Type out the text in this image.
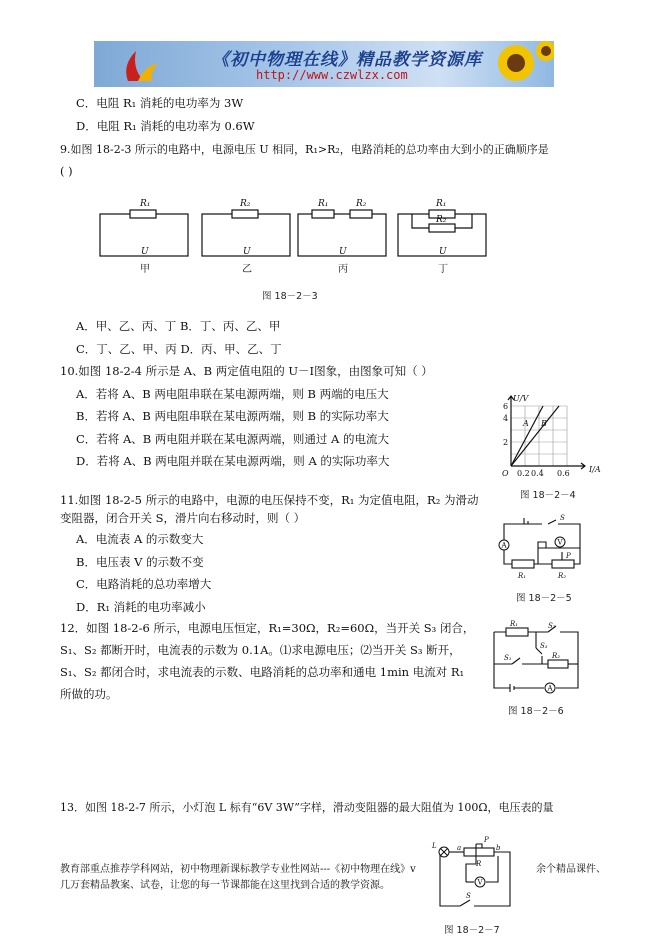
《初中物理在线》精品教学资源库
http://www.czwlzx.com
C．电阻 R₁ 消耗的电功率为 3W
D．电阻 R₁ 消耗的电功率为 0.6W
9.如图 18-2-3 所示的电路中，电源电压 U 相同，R₁>R₂，电路消耗的总功率由大到小的正确顺序是
( )
R₁	R₂	R₁	R₂	R₁
R₂
U	U	U	U
甲	乙	丙	丁
图 18－2－3
A．甲、乙、丙、丁 B．丁、丙、乙、甲
C．丁、乙、甲、丙 D．丙、甲、乙、丁
10.如图 18-2-4 所示是 A、B 两定值电阻的 U－I图象，由图象可知（ ）
A．若将 A、B 两电阻串联在某电源两端，则 B 两端的电压大
B．若将 A、B 两电阻串联在某电源两端，则 B 的实际功率大
C．若将 A、B 两电阻并联在某电源两端，则通过 A 的电流大
D．若将 A、B 两电阻并联在某电源两端，则 A 的实际功率大
U/V
I/A
O
2
4
6
0.2 0.4 0.6
A B
图 18－2－4
11.如图 18-2-5 所示的电路中，电源的电压保持不变，R₁ 为定值电阻，R₂ 为滑动
变阻器，闭合开关 S，滑片向右移动时，则（ ）
A．电流表 A 的示数变大
B．电压表 V 的示数不变
C．电路消耗的总功率增大
D．R₁ 消耗的电功率减小
A	V
S
R₁	R₂
P
图 18－2－5
12．如图 18-2-6 所示，电源电压恒定，R₁=30Ω，R₂=60Ω，当开关 S₃ 闭合，
S₁、S₂ 都断开时，电流表的示数为 0.1A。⑴求电源电压；⑵当开关 S₃ 断开，
S₁、S₂ 都闭合时，求电流表的示数、电路消耗的总功率和通电 1min 电流对 R₁
所做的功。	A
R₁
R₂
S₁
S₂
S₃
图 18－2－6
13．如图 18-2-7 所示，小灯泡 L 标有“6V 3W”字样，滑动变阻器的最大阻值为 100Ω，电压表的量
V
L	a	b
P
R
S
图 18－2－7
教育部重点推荐学科网站，初中物理新课标教学专业性网站---《初中物理在线》v	余个精品课件、
几万套精品教案、试卷，让您的每一节课都能在这里找到合适的教学资源。
